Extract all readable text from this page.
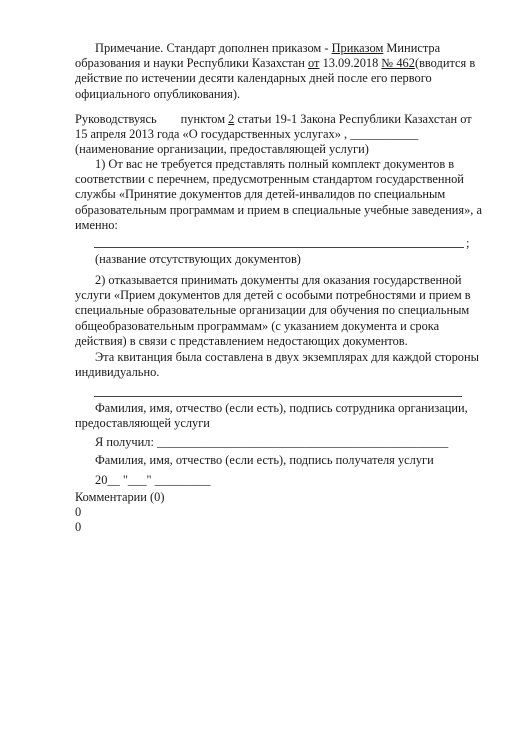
Примечание. Стандарт дополнен приказом - Приказом Министра образования и науки Республики Казахстан от 13.09.2018 № 462(вводится в действие по истечении десяти календарных дней после его первого официального опубликования).

Руководствуясь пунктом 2 статьи 19-1 Закона Республики Казахстан от 15 апреля 2013 года «О государственных услугах» , ___________

(наименование организации, предоставляющей услуги)

1) От вас не требуется представлять полный комплект документов в соответствии с перечнем, предусмотренным стандартом государственной службы «Принятие документов для детей-инвалидов по специальным образовательным программам и прием в специальные учебные заведения», а именно:

;

(название отсутствующих документов)

2) отказывается принимать документы для оказания государственной услуги «Прием документов для детей с особыми потребностями и прием в специальные образовательные организации для обучения по специальным общеобразовательным программам» (с указанием документа и срока действия) в связи с представлением недостающих документов.

Эта квитанция была составлена в двух экземплярах для каждой стороны индивидуально.

Фамилия, имя, отчество (если есть), подпись сотрудника организации, предоставляющей услуги

Я получил: _______________________________________________

Фамилия, имя, отчество (если есть), подпись получателя услуги

20__ "___" _________

Комментарии (0)

0

0
